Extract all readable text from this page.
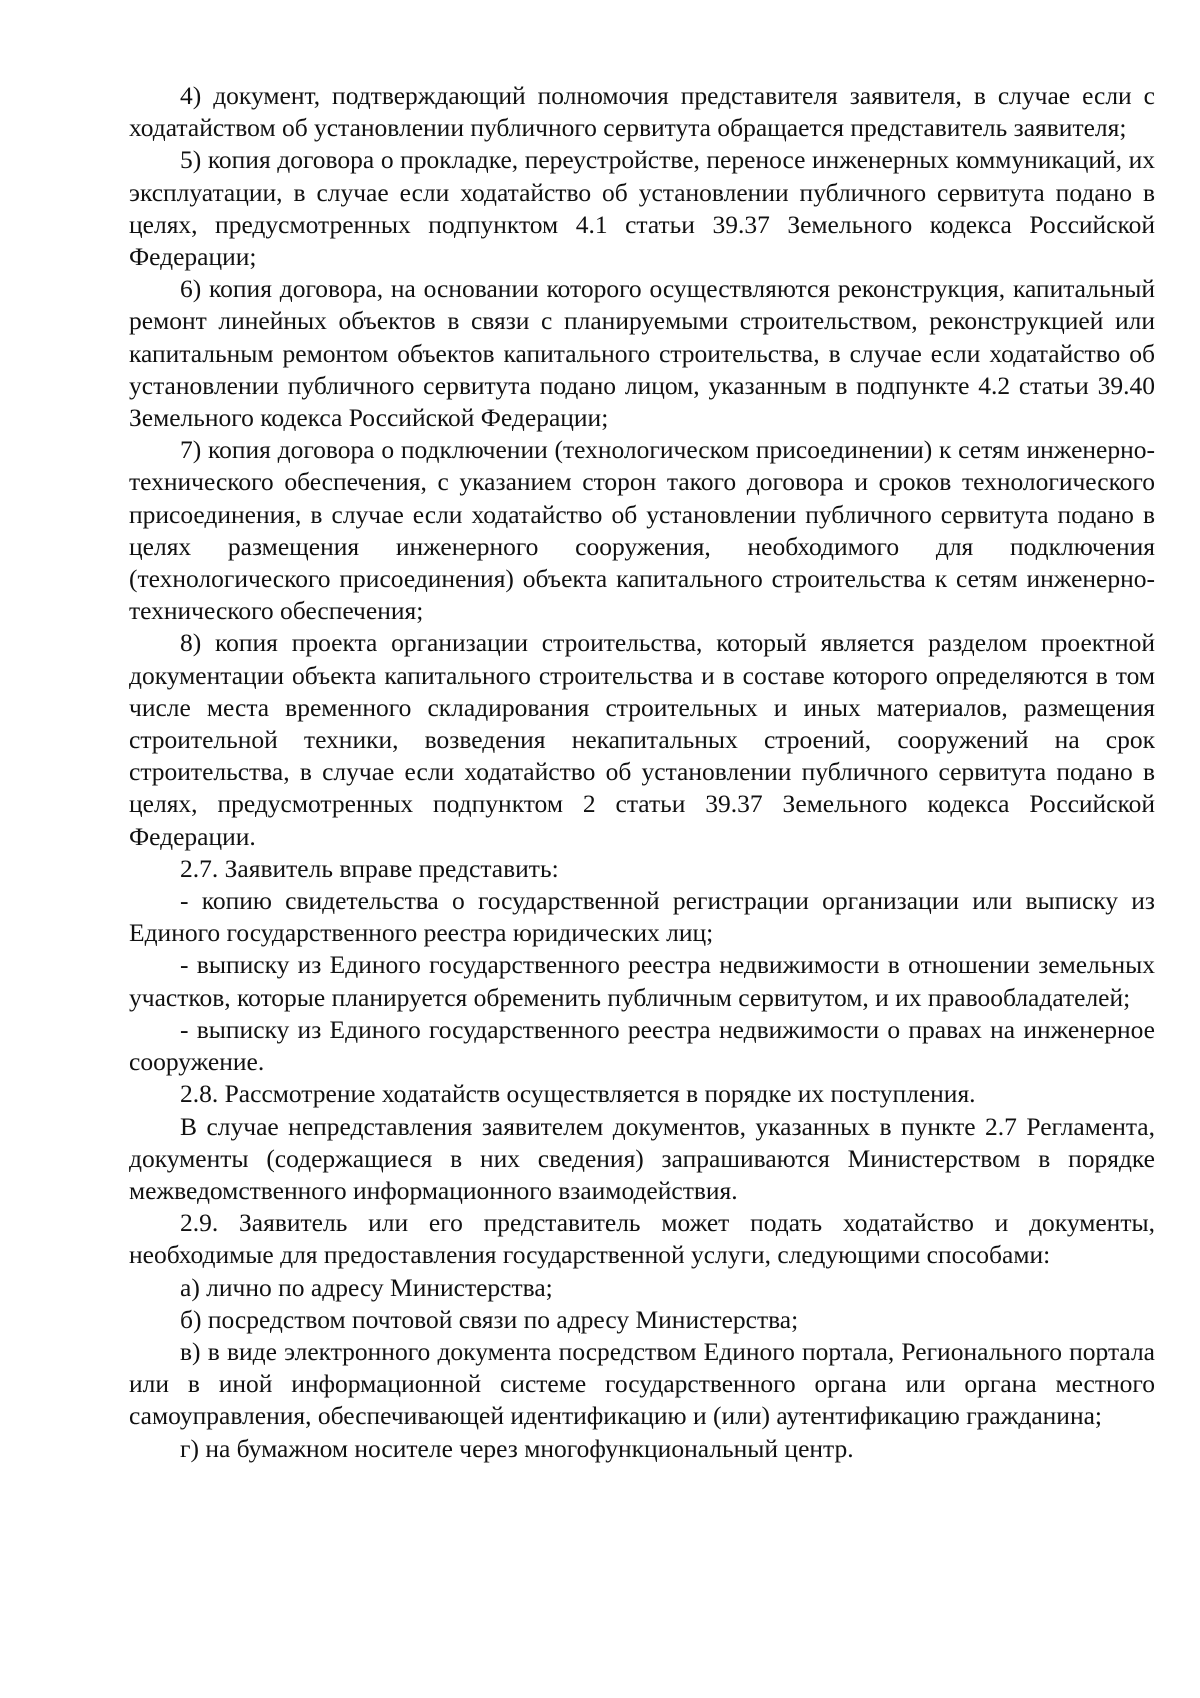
4) документ, подтверждающий полномочия представителя заявителя, в случае если с ходатайством об установлении публичного сервитута обращается представитель заявителя;

5) копия договора о прокладке, переустройстве, переносе инженерных коммуникаций, их эксплуатации, в случае если ходатайство об установлении публичного сервитута подано в целях, предусмотренных подпунктом 4.1 статьи 39.37 Земельного кодекса Российской Федерации;

6) копия договора, на основании которого осуществляются реконструкция, капитальный ремонт линейных объектов в связи с планируемыми строительством, реконструкцией или капитальным ремонтом объектов капитального строительства, в случае если ходатайство об установлении публичного сервитута подано лицом, указанным в подпункте 4.2 статьи 39.40 Земельного кодекса Российской Федерации;

7) копия договора о подключении (технологическом присоединении) к сетям инженерно-технического обеспечения, с указанием сторон такого договора и сроков технологического присоединения, в случае если ходатайство об установлении публичного сервитута подано в целях размещения инженерного сооружения, необходимого для подключения (технологического присоединения) объекта капитального строительства к сетям инженерно-технического обеспечения;

8) копия проекта организации строительства, который является разделом проектной документации объекта капитального строительства и в составе которого определяются в том числе места временного складирования строительных и иных материалов, размещения строительной техники, возведения некапитальных строений, сооружений на срок строительства, в случае если ходатайство об установлении публичного сервитута подано в целях, предусмотренных подпунктом 2 статьи 39.37 Земельного кодекса Российской Федерации.

2.7. Заявитель вправе представить:

- копию свидетельства о государственной регистрации организации или выписку из Единого государственного реестра юридических лиц;

- выписку из Единого государственного реестра недвижимости в отношении земельных участков, которые планируется обременить публичным сервитутом, и их правообладателей;

- выписку из Единого государственного реестра недвижимости о правах на инженерное сооружение.

2.8. Рассмотрение ходатайств осуществляется в порядке их поступления.

В случае непредставления заявителем документов, указанных в пункте 2.7 Регламента, документы (содержащиеся в них сведения) запрашиваются Министерством в порядке межведомственного информационного взаимодействия.

2.9. Заявитель или его представитель может подать ходатайство и документы, необходимые для предоставления государственной услуги, следующими способами:

а) лично по адресу Министерства;

б) посредством почтовой связи по адресу Министерства;

в) в виде электронного документа посредством Единого портала, Регионального портала или в иной информационной системе государственного органа или органа местного самоуправления, обеспечивающей идентификацию и (или) аутентификацию гражданина;

г) на бумажном носителе через многофункциональный центр.
